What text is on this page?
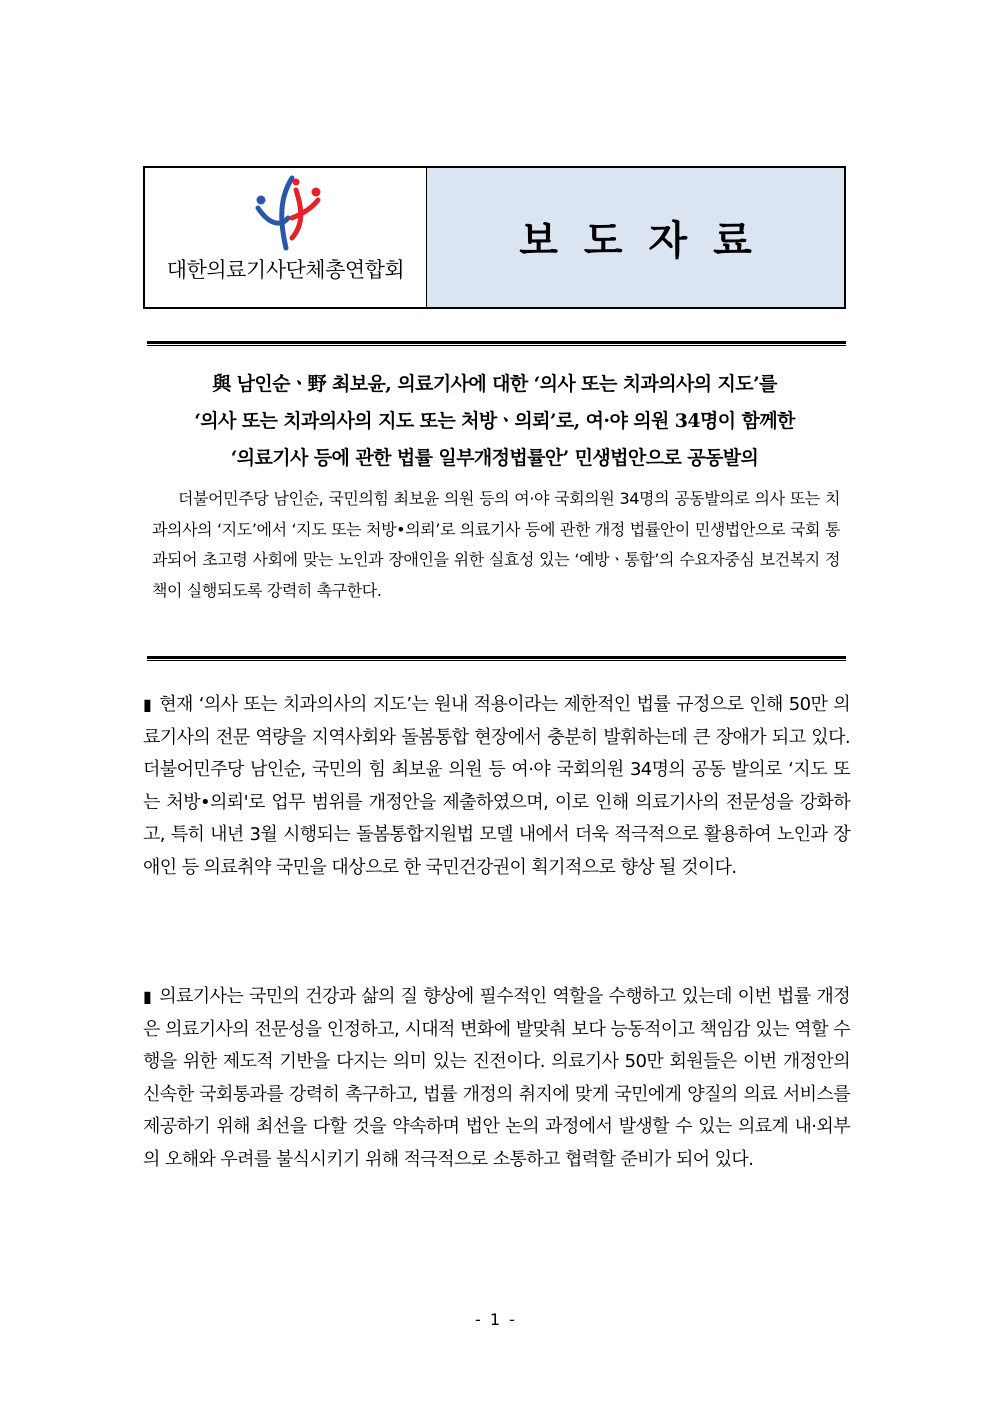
대한의료기사단체총연합회
보도자료
與 남인순ㆍ野 최보윤, 의료기사에 대한 ‘의사 또는 치과의사의 지도’를
‘의사 또는 치과의사의 지도 또는 처방ㆍ의뢰’로, 여·야 의원 34명이 함께한
‘의료기사 등에 관한 법률 일부개정법률안’ 민생법안으로 공동발의
더불어민주당 남인순, 국민의힘 최보윤 의원 등의 여·야 국회의원 34명의 공동발의로 의사 또는 치과의사의 ‘지도’에서 ‘지도 또는 처방•의뢰’로 의료기사 등에 관한 개정 법률안이 민생법안으로 국회 통과되어 초고령 사회에 맞는 노인과 장애인을 위한 실효성 있는 ‘예방ㆍ통합’의 수요자중심 보건복지 정책이 실행되도록 강력히 촉구한다.
▮ 현재 ‘의사 또는 치과의사의 지도’는 원내 적용이라는 제한적인 법률 규정으로 인해 50만 의료기사의 전문 역량을 지역사회와 돌봄통합 현장에서 충분히 발휘하는데 큰 장애가 되고 있다. 더불어민주당 남인순, 국민의 힘 최보윤 의원 등 여·야 국회의원 34명의 공동 발의로 ‘지도 또는 처방•의뢰'로 업무 범위를 개정안을 제출하였으며, 이로 인해 의료기사의 전문성을 강화하고, 특히 내년 3월 시행되는 돌봄통합지원법 모델 내에서 더욱 적극적으로 활용하여 노인과 장애인 등 의료취약 국민을 대상으로 한 국민건강권이 획기적으로 향상 될 것이다.
▮ 의료기사는 국민의 건강과 삶의 질 향상에 필수적인 역할을 수행하고 있는데 이번 법률 개정은 의료기사의 전문성을 인정하고, 시대적 변화에 발맞춰 보다 능동적이고 책임감 있는 역할 수행을 위한 제도적 기반을 다지는 의미 있는 진전이다. 의료기사 50만 회원들은 이번 개정안의 신속한 국회통과를 강력히 촉구하고, 법률 개정의 취지에 맞게 국민에게 양질의 의료 서비스를 제공하기 위해 최선을 다할 것을 약속하며 법안 논의 과정에서 발생할 수 있는 의료계 내·외부의 오해와 우려를 불식시키기 위해 적극적으로 소통하고 협력할 준비가 되어 있다.
- 1 -
